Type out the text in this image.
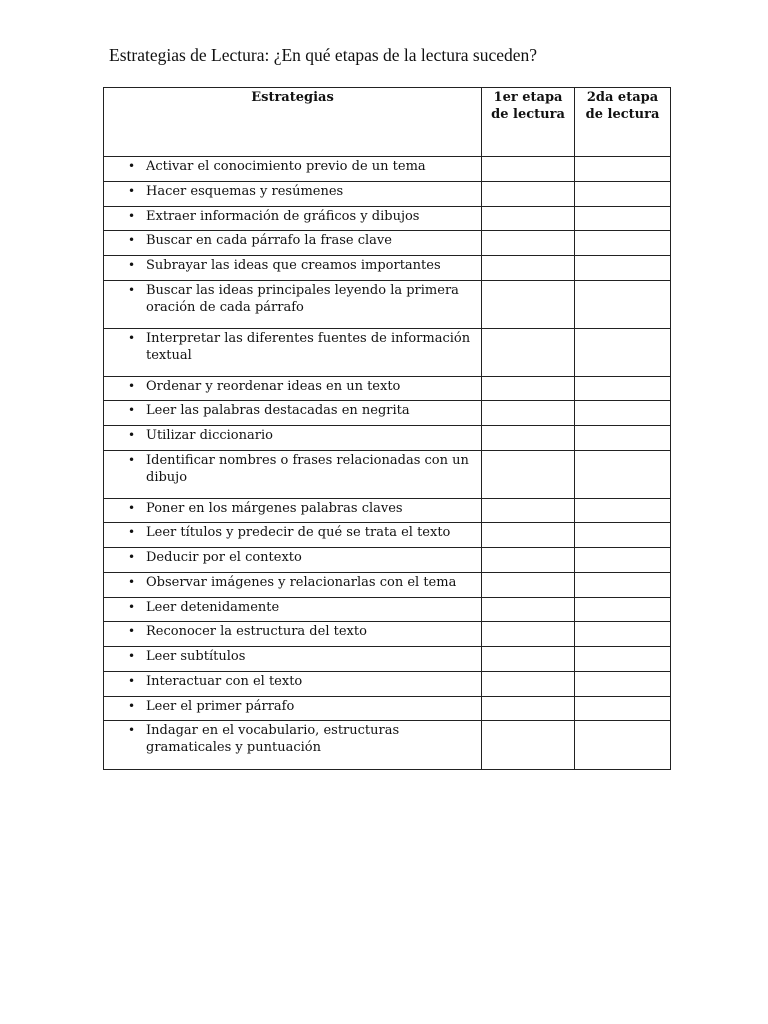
Estrategias de Lectura: ¿En qué etapas de la lectura suceden?
Estrategias	1er etapa de lectura	2da etapa de lectura

• Activar el conocimiento previo de un tema		

• Hacer esquemas y resúmenes		

• Extraer información de gráficos y dibujos		

• Buscar en cada párrafo la frase clave		

• Subrayar las ideas que creamos importantes		

• Buscar las ideas principales leyendo la primera oración de cada párrafo		

• Interpretar las diferentes fuentes de información textual		

• Ordenar y reordenar ideas en un texto		

• Leer las palabras destacadas en negrita		

• Utilizar diccionario		

• Identificar nombres o frases relacionadas con un dibujo		

• Poner en los márgenes palabras claves		

• Leer títulos y predecir de qué se trata el texto		

• Deducir por el contexto		

• Observar imágenes y relacionarlas con el tema		

• Leer detenidamente		

• Reconocer la estructura del texto		

• Leer subtítulos		

• Interactuar con el texto		

• Leer el primer párrafo		

• Indagar en el vocabulario, estructuras gramaticales y puntuación		
